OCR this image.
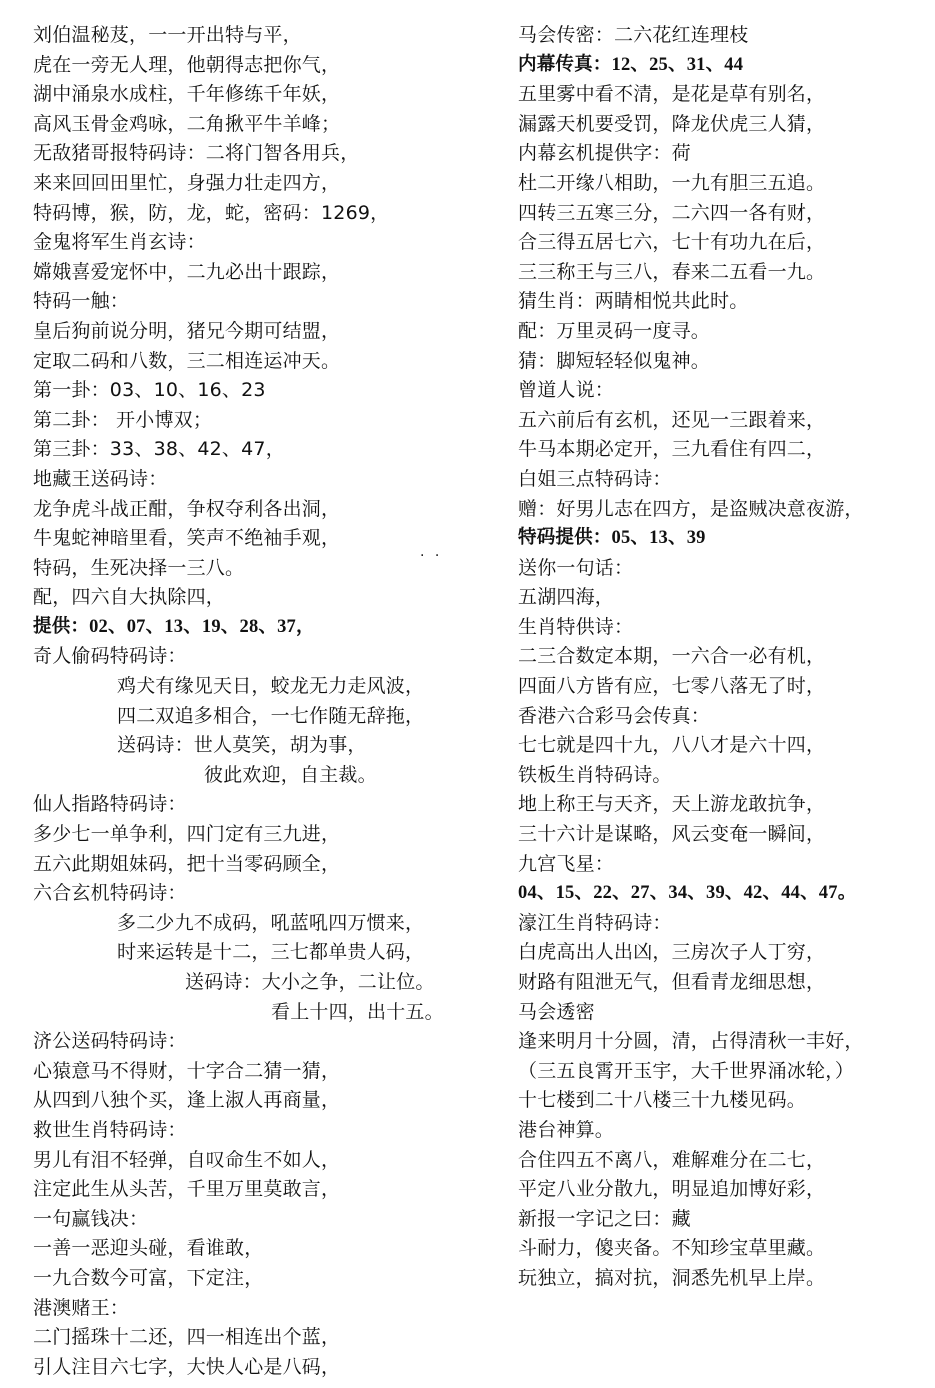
刘伯温秘芨，一一开出特与平，
虎在一旁无人理，他朝得志把你气，
湖中涌泉水成柱，千年修练千年妖，
高风玉骨金鸡咏，二角揪平牛羊峰；
无敌猪哥报特码诗：二将门智各用兵，
来来回回田里忙，身强力壮走四方，
特码博，猴，防，龙，蛇，密码：1269，
金鬼将军生肖玄诗：
嫦娥喜爱宠怀中，二九必出十跟踪，
特码一触：
皇后狗前说分明，猪兄今期可结盟，
定取二码和八数，三二相连运冲天。
第一卦：03、10、16、23
第二卦： 开小博双；
第三卦：33、38、42、47，
地藏王送码诗：
龙争虎斗战正酣，争权夺利各出洞，
牛鬼蛇神暗里看，笑声不绝袖手观，
特码，生死决择一三八。
配，四六自大执除四，
提供：02、07、13、19、28、37，
奇人偷码特码诗：
鸡犬有缘见天日，蛟龙无力走风波，
四二双追多相合，一七作随无辞拖，
送码诗：世人莫笑，胡为事，
彼此欢迎，自主裁。
仙人指路特码诗：
多少七一单争利，四门定有三九进，
五六此期姐妹码，把十当零码顾全，
六合玄机特码诗：
多二少九不成码，吼蓝吼四万惯来，
时来运转是十二，三七都单贵人码，
送码诗：大小之争，二让位。
看上十四，出十五。
济公送码特码诗：
心猿意马不得财，十字合二猜一猜，
从四到八独个买，逢上淑人再商量，
救世生肖特码诗：
男儿有泪不轻弹，自叹命生不如人，
注定此生从头苦，千里万里莫敢言，
一句赢钱决：
一善一恶迎头碰，看谁敢，
一九合数今可富，下定注，
港澳赌王：
二门摇珠十二还，四一相连出个蓝，
引人注目六七字，大快人心是八码，
· ·
马会传密：二六花红连理枝
内幕传真：12、25、31、44
五里雾中看不清，是花是草有别名，
漏露天机要受罚，降龙伏虎三人猜，
内幕玄机提供字：荷
杜二开缘八相助，一九有胆三五追。
四转三五寒三分，二六四一各有财，
合三得五居七六，七十有功九在后，
三三称王与三八，春来二五看一九。
猜生肖：两睛相悦共此时。
配：万里灵码一度寻。
猜：脚短轻轻似鬼神。
曾道人说：
五六前后有玄机，还见一三跟着来，
牛马本期必定开，三九看住有四二，
白姐三点特码诗：
赠：好男儿志在四方，是盗贼决意夜游，
特码提供：05、13、39
送你一句话：
五湖四海，
生肖特供诗：
二三合数定本期，一六合一必有机，
四面八方皆有应，七零八落无了时，
香港六合彩马会传真：
七七就是四十九，八八才是六十四，
铁板生肖特码诗。
地上称王与天齐，天上游龙敢抗争，
三十六计是谋略，风云变奄一瞬间，
九宫飞星：
04、15、22、27、34、39、42、44、47。
濠江生肖特码诗：
白虎高出人出凶，三房次子人丁穷，
财路有阻泄无气，但看青龙细思想，
马会透密
逢来明月十分圆，清，占得清秋一丰好，
（三五良霄开玉宇，大千世界涌冰轮，）
十七楼到二十八楼三十九楼见码。
港台神算。
合住四五不离八，难解难分在二七，
平定八业分散九，明显追加博好彩，
新报一字记之曰：藏
斗耐力，傻夹备。不知珍宝草里藏。
玩独立，搞对抗，洞悉先机早上岸。
